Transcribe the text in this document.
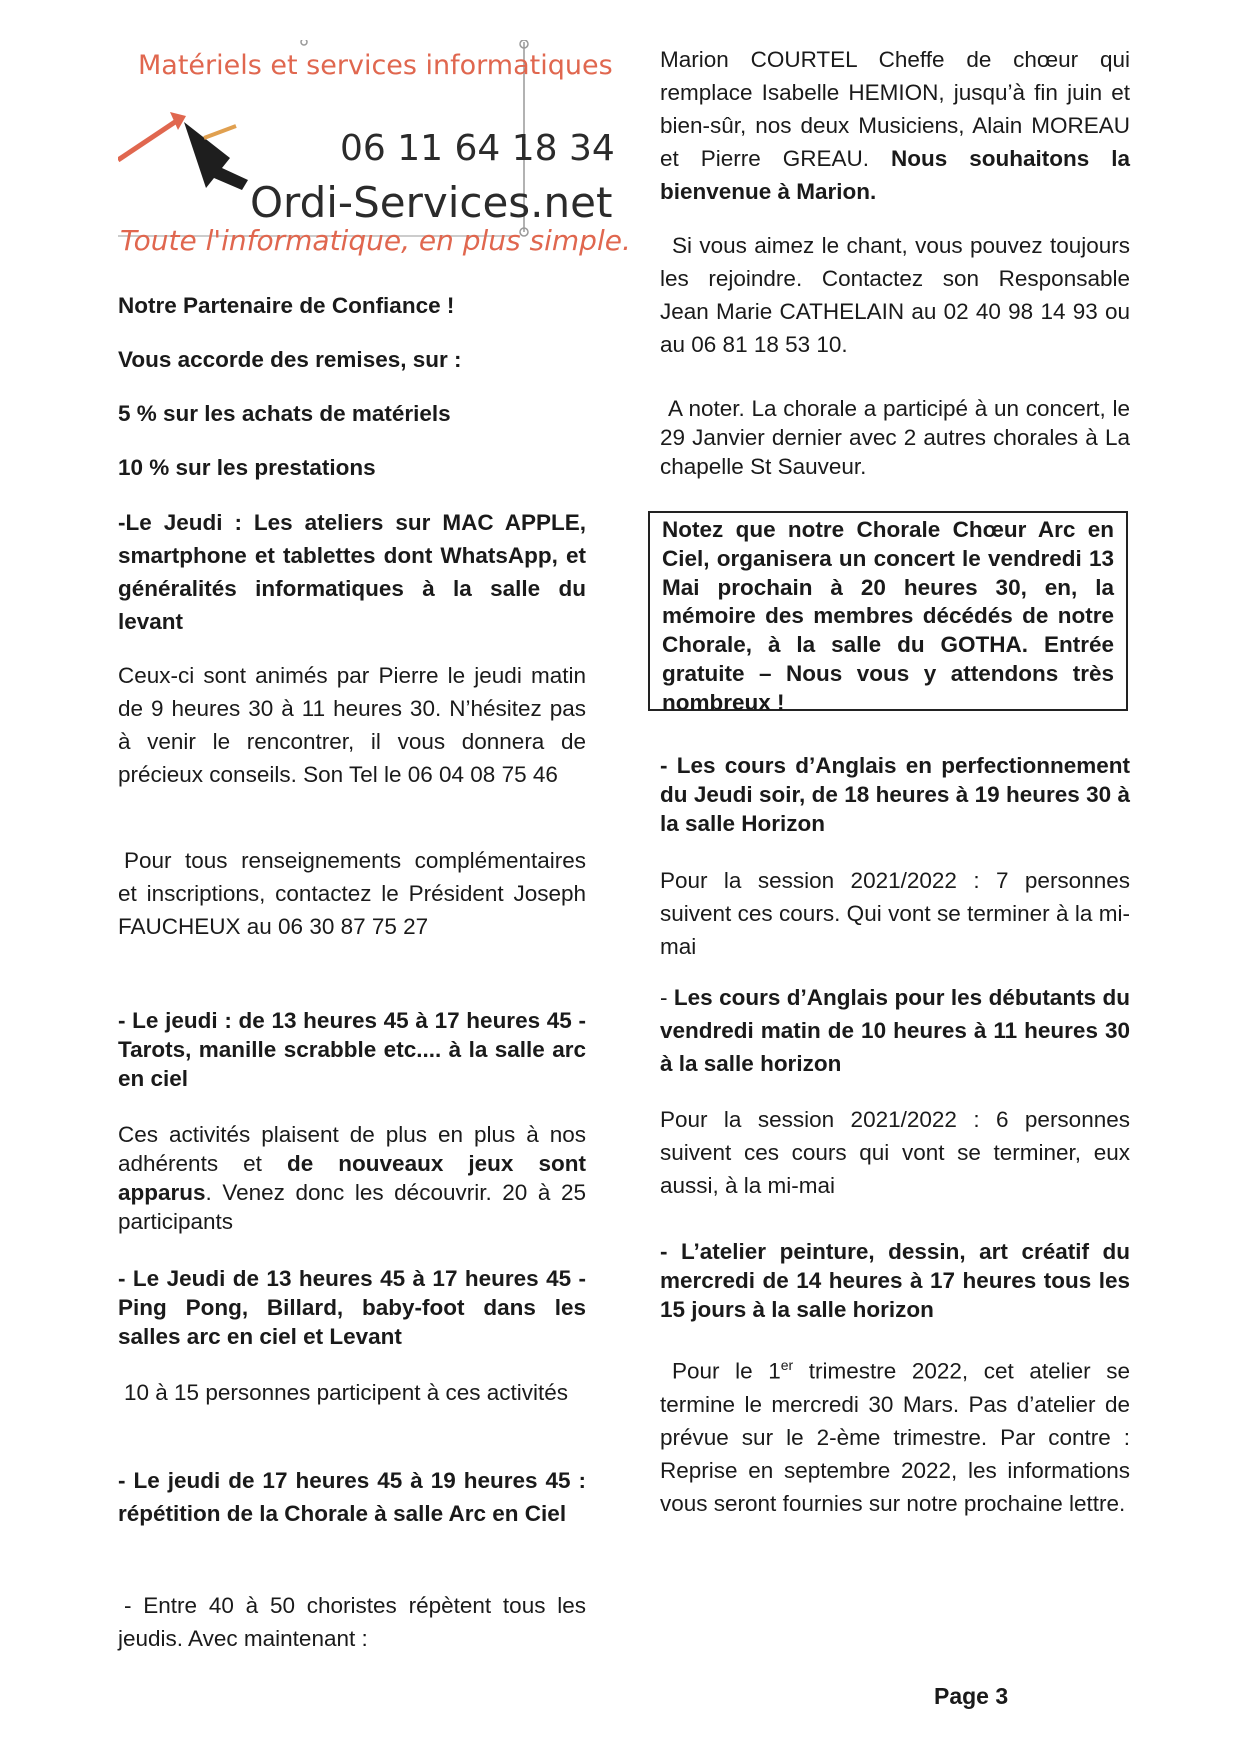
Matériels et services informatiques
06 11 64 18 34
Ordi-Services.net
Toute l'informatique, en plus simple.

Notre Partenaire de Confiance !

Vous accorde des remises, sur :

5 % sur les achats de matériels

10 % sur les prestations

-Le Jeudi : Les ateliers sur MAC APPLE, smartphone et tablettes dont WhatsApp, et généralités informatiques à la salle du levant

Ceux-ci sont animés par Pierre le jeudi matin de 9 heures 30 à 11 heures 30. N’hésitez pas à venir le rencontrer, il vous donnera de précieux conseils. Son Tel le 06 04 08 75 46

Pour tous renseignements complémentaires et inscriptions, contactez le Président Joseph FAUCHEUX au 06 30 87 75 27

- Le jeudi : de 13 heures 45 à 17 heures 45 - Tarots, manille scrabble etc.... à la salle arc en ciel

Ces activités plaisent de plus en plus à nos adhérents et de nouveaux jeux sont apparus. Venez donc les découvrir. 20 à 25 participants

- Le Jeudi de 13 heures 45 à 17 heures 45 - Ping Pong, Billard, baby-foot dans les salles arc en ciel et Levant

10 à 15 personnes participent à ces activités

- Le jeudi de 17 heures 45 à 19 heures 45 : répétition de la Chorale à salle Arc en Ciel

- Entre 40 à 50 choristes répètent tous les jeudis. Avec maintenant :

Marion COURTEL Cheffe de chœur qui remplace Isabelle HEMION, jusqu’à fin juin et bien-sûr, nos deux Musiciens, Alain MOREAU et Pierre GREAU. Nous souhaitons la bienvenue à Marion.

Si vous aimez le chant, vous pouvez toujours les rejoindre. Contactez son Responsable Jean Marie CATHELAIN au 02 40 98 14 93 ou au 06 81 18 53 10.

A noter. La chorale a participé à un concert, le 29 Janvier dernier avec 2 autres chorales à La chapelle St Sauveur.

Notez que notre Chorale Chœur Arc en Ciel, organisera un concert le vendredi 13 Mai prochain à 20 heures 30, en, la mémoire des membres décédés de notre Chorale, à la salle du GOTHA. Entrée gratuite – Nous vous y attendons très nombreux !

- Les cours d’Anglais en perfectionnement du Jeudi soir, de 18 heures à 19 heures 30 à la salle Horizon

Pour la session 2021/2022 : 7 personnes suivent ces cours. Qui vont se terminer à la mi-mai

- Les cours d’Anglais pour les débutants du vendredi matin de 10 heures à 11 heures 30 à la salle horizon

Pour la session 2021/2022 : 6 personnes suivent ces cours qui vont se terminer, eux aussi, à la mi-mai

- L’atelier peinture, dessin, art créatif du mercredi de 14 heures à 17 heures tous les 15 jours à la salle horizon

Pour le 1er trimestre 2022, cet atelier se termine le mercredi 30 Mars. Pas d’atelier de prévue sur le 2-ème trimestre. Par contre : Reprise en septembre 2022, les informations vous seront fournies sur notre prochaine lettre.

Page 3
